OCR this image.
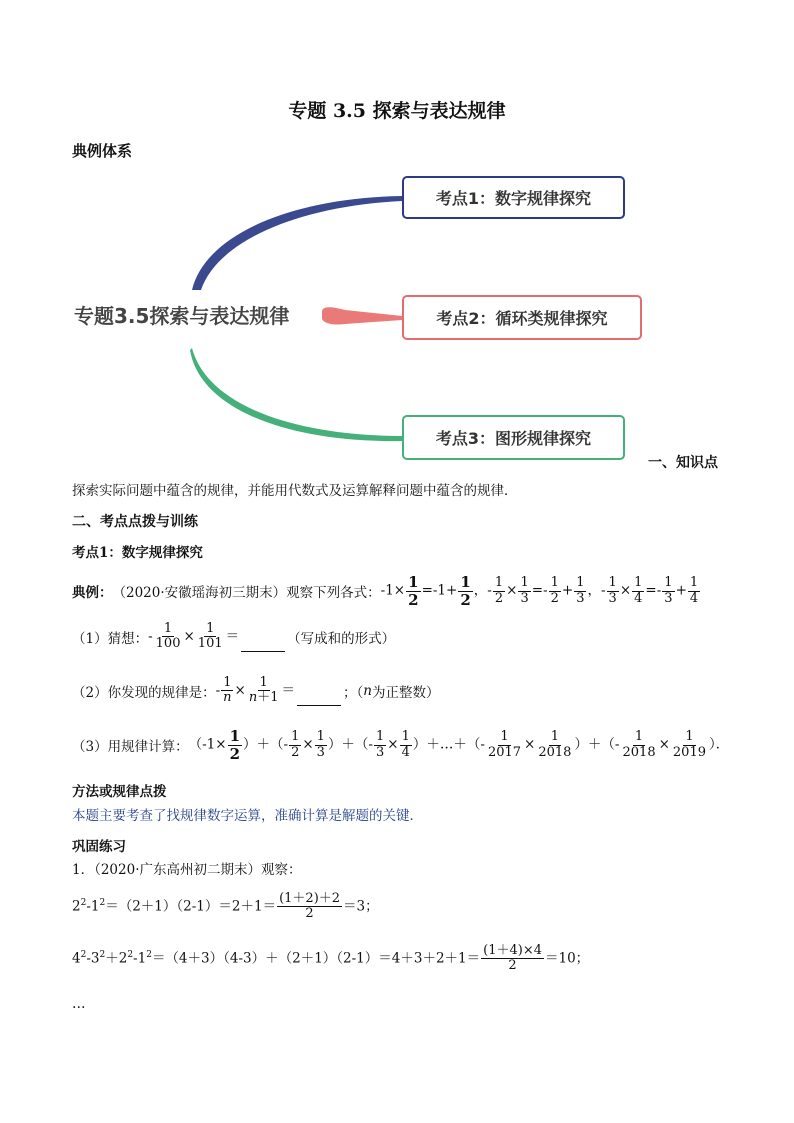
专题 3.5 探索与表达规律
典例体系
专题3.5探索与表达规律
考点1：数字规律探究
考点2：循环类规律探究
考点3：图形规律探究
一、知识点
探索实际问题中蕴含的规律，并能用代数式及运算解释问题中蕴含的规律．
二、考点点拨与训练
考点1：数字规律探究
典例： （2020·安徽瑶海初三期末）观察下列各式： $-1\times \frac{1}{2} =-1+ \frac{1}{2}$ ， - $\frac{1}{2} \times \frac{1}{3} =- \frac{1}{2} + \frac{1}{3}$ ， - $\frac{1}{3} \times \frac{1}{4} =- \frac{1}{3} + \frac{1}{4}$
（1）猜想： - $\frac{1}{100} \times \frac{1}{101}$ ＝	（写成和的形式）
（2）你发现的规律是： - $\frac{1}{n} \times \frac{1}{n+1}$ ＝	；（ n 为正整数）
（3）用规律计算： （$-1\times \frac{1}{2}$ ）＋（- $\frac{1}{2} \times \frac{1}{3}$ ）＋（- $\frac{1}{3} \times \frac{1}{4}$ ）＋…＋（- $\frac{1}{2017} \times \frac{1}{2018}$ ）＋（- $\frac{1}{2018} \times \frac{1}{2019}$ ）．
方法或规律点拨
本题主要考查了找规律数字运算，准确计算是解题的关键．
巩固练习
1．（2020·广东高州初二期末）观察：
$2^2-1^2=(2+1)(2-1)=2+1= \frac{(1+2)+2}{2} =3$；
$4^2-3^2+2^2-1^2=(4+3)(4-3)+(2+1)(2-1)=4+3+2+1= \frac{(1+4)\times 4}{2} =10$；
…
